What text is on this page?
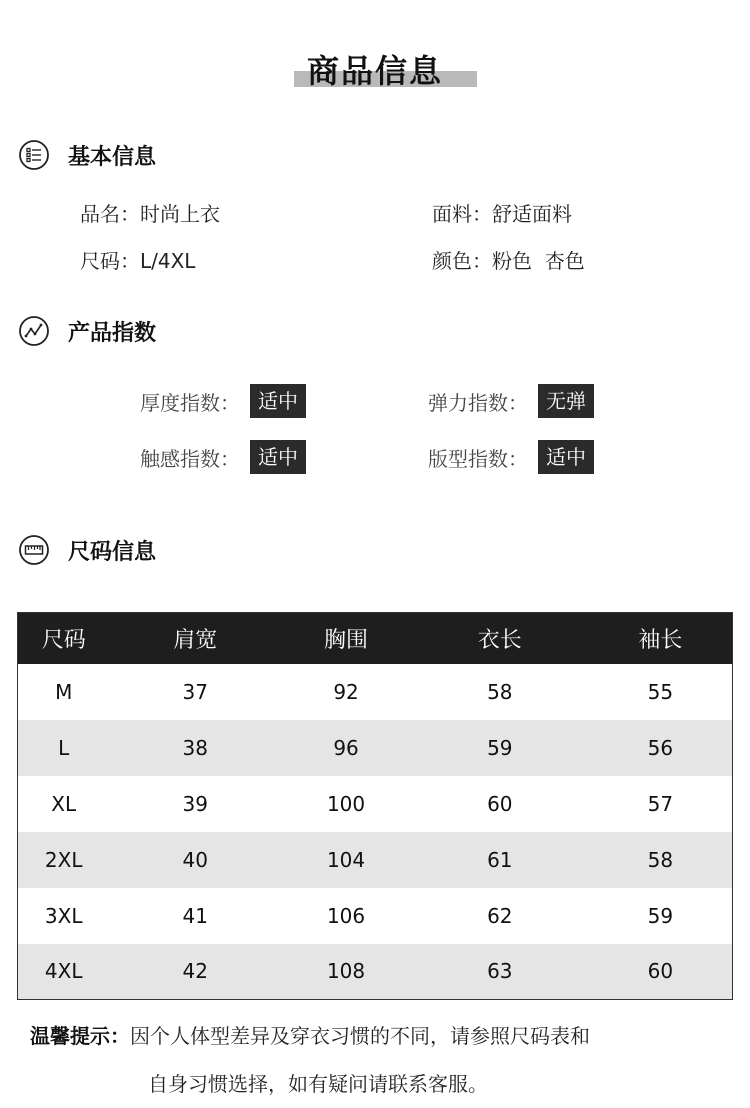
商品信息
基本信息
品名：时尚上衣	面料：舒适面料
尺码：L/4XL	颜色：粉色  杏色
产品指数
厚度指数： 适中	弹力指数： 无弹
触感指数： 适中	版型指数： 适中
尺码信息
尺码	肩宽	胸围	衣长	袖长
M	37	92	58	55
L	38	96	59	56
XL	39	100	60	57
2XL	40	104	61	58
3XL	41	106	62	59
4XL	42	108	63	60
温馨提示：因个人体型差异及穿衣习惯的不同，请参照尺码表和
自身习惯选择，如有疑问请联系客服。
